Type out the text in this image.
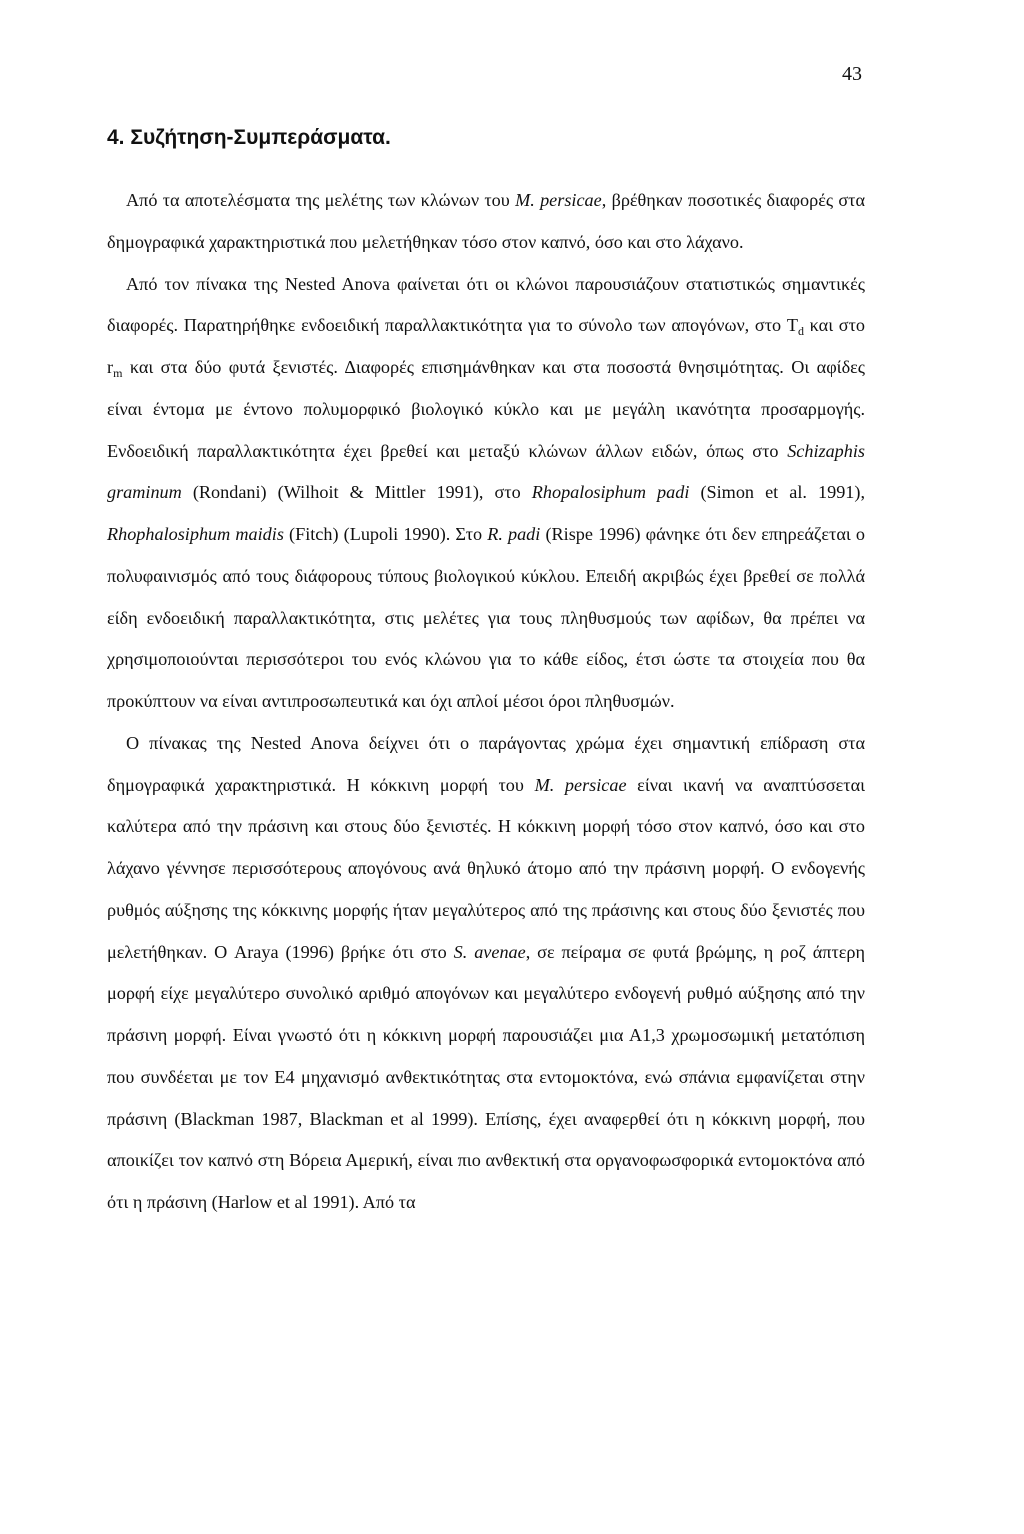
43
4. Συζήτηση-Συμπεράσματα.

Από τα αποτελέσματα της μελέτης των κλώνων του M. persicae, βρέθηκαν ποσοτικές διαφορές στα δημογραφικά χαρακτηριστικά που μελετήθηκαν τόσο στον καπνό, όσο και στο λάχανο.

Από τον πίνακα της Nested Anova φαίνεται ότι οι κλώνοι παρουσιάζουν στατιστικώς σημαντικές διαφορές. Παρατηρήθηκε ενδοειδική παραλλακτικότητα για το σύνολο των απογόνων, στο $T_d$ και στο $r_m$ και στα δύο φυτά ξενιστές. Διαφορές επισημάνθηκαν και στα ποσοστά θνησιμότητας. Οι αφίδες είναι έντομα με έντονο πολυμορφικό βιολογικό κύκλο και με μεγάλη ικανότητα προσαρμογής. Ενδοειδική παραλλακτικότητα έχει βρεθεί και μεταξύ κλώνων άλλων ειδών, όπως στο Schizaphis graminum (Rondani) (Wilhoit & Mittler 1991), στο Rhopalosiphum padi (Simon et al. 1991), Rhophalosiphum maidis (Fitch) (Lupoli 1990). Στο R. padi (Rispe 1996) φάνηκε ότι δεν επηρεάζεται ο πολυφαινισμός από τους διάφορους τύπους βιολογικού κύκλου. Επειδή ακριβώς έχει βρεθεί σε πολλά είδη ενδοειδική παραλλακτικότητα, στις μελέτες για τους πληθυσμούς των αφίδων, θα πρέπει να χρησιμοποιούνται περισσότεροι του ενός κλώνου για το κάθε είδος, έτσι ώστε τα στοιχεία που θα προκύπτουν να είναι αντιπροσωπευτικά και όχι απλοί μέσοι όροι πληθυσμών.

Ο πίνακας της Nested Anova δείχνει ότι ο παράγοντας χρώμα έχει σημαντική επίδραση στα δημογραφικά χαρακτηριστικά. Η κόκκινη μορφή του M. persicae είναι ικανή να αναπτύσσεται καλύτερα από την πράσινη και στους δύο ξενιστές. Η κόκκινη μορφή τόσο στον καπνό, όσο και στο λάχανο γέννησε περισσότερους απογόνους ανά θηλυκό άτομο από την πράσινη μορφή. Ο ενδογενής ρυθμός αύξησης της κόκκινης μορφής ήταν μεγαλύτερος από της πράσινης και στους δύο ξενιστές που μελετήθηκαν. Ο Araya (1996) βρήκε ότι στο S. avenae, σε πείραμα σε φυτά βρώμης, η ροζ άπτερη μορφή είχε μεγαλύτερο συνολικό αριθμό απογόνων και μεγαλύτερο ενδογενή ρυθμό αύξησης από την πράσινη μορφή. Είναι γνωστό ότι η κόκκινη μορφή παρουσιάζει μια Α1,3 χρωμοσωμική μετατόπιση που συνδέεται με τον Ε4 μηχανισμό ανθεκτικότητας στα εντομοκτόνα, ενώ σπάνια εμφανίζεται στην πράσινη (Blackman 1987, Blackman et al 1999). Επίσης, έχει αναφερθεί ότι η κόκκινη μορφή, που αποικίζει τον καπνό στη Βόρεια Αμερική, είναι πιο ανθεκτική στα οργανοφωσφορικά εντομοκτόνα από ότι η πράσινη (Harlow et al 1991). Από τα
